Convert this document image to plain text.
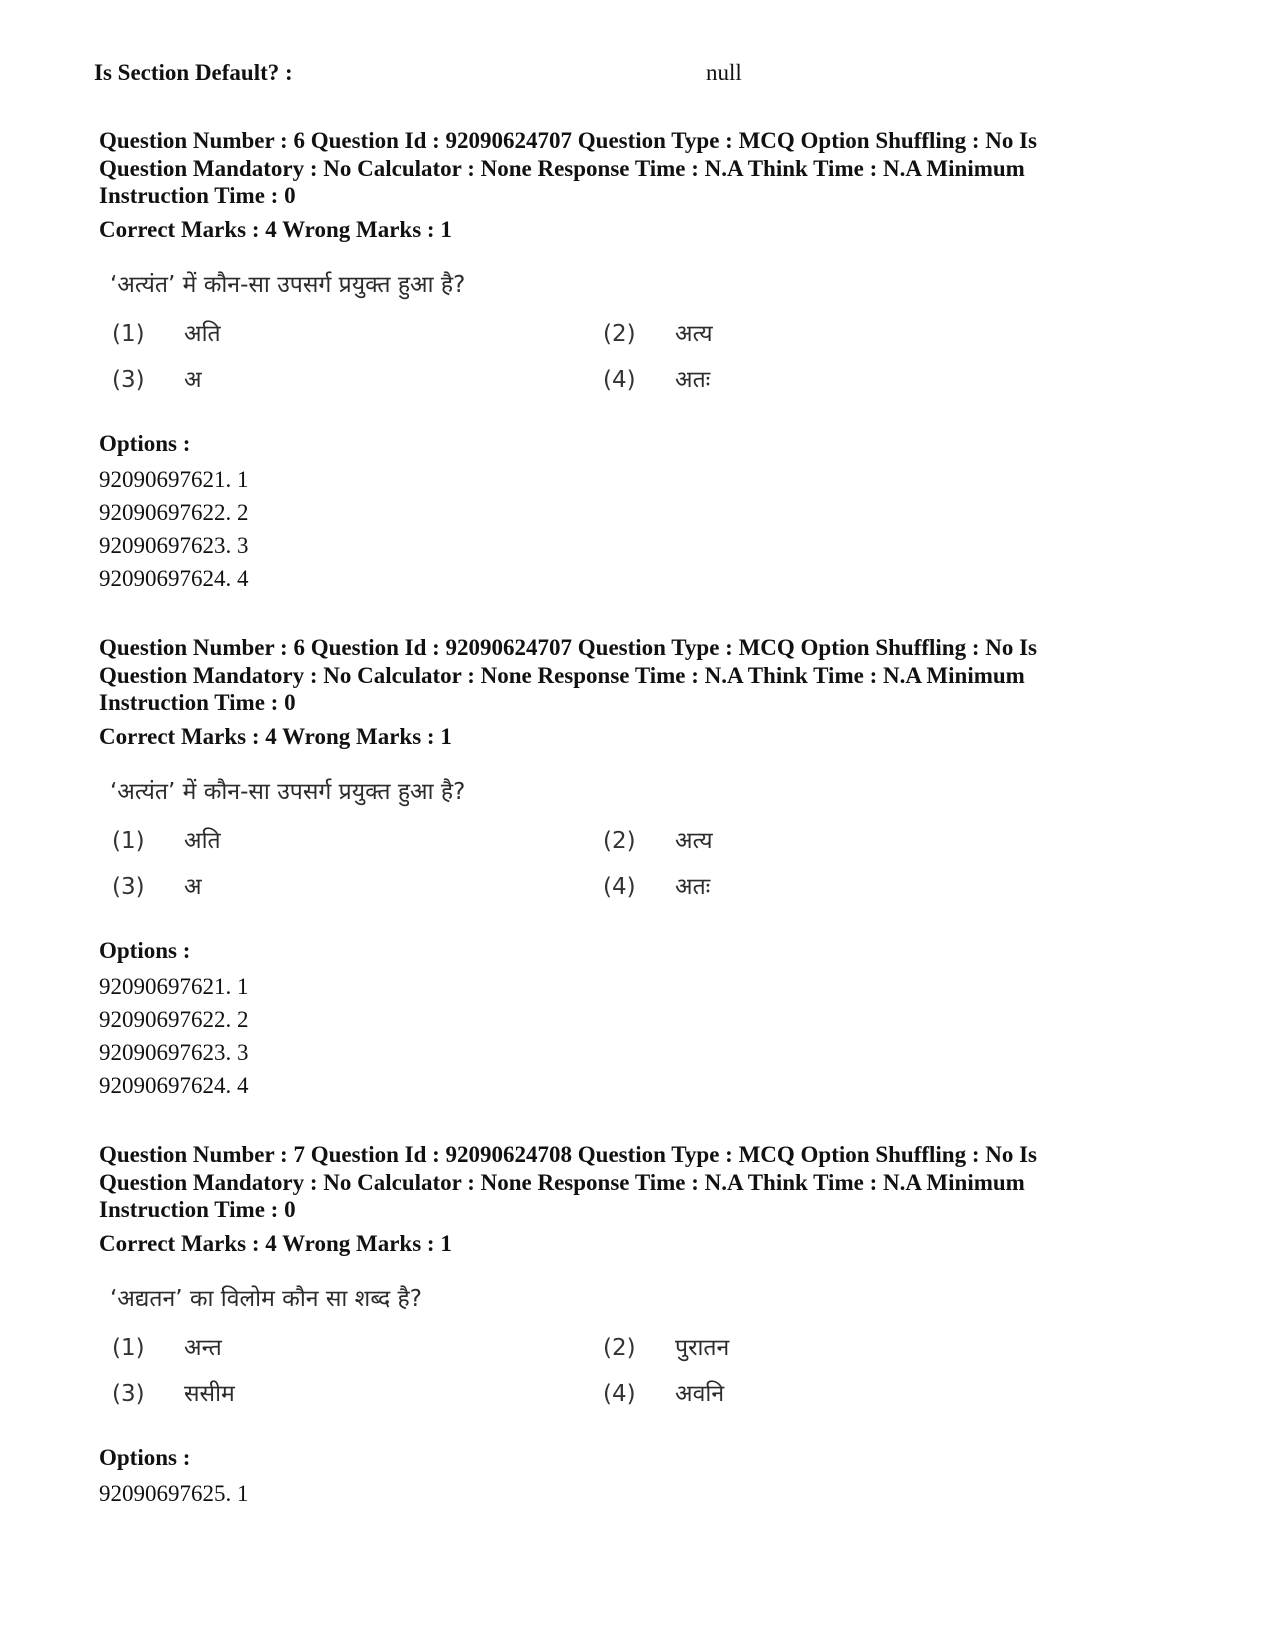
Is Section Default? :	null

Question Number : 6 Question Id : 92090624707 Question Type : MCQ Option Shuffling : No Is Question Mandatory : No Calculator : None Response Time : N.A Think Time : N.A Minimum Instruction Time : 0

Correct Marks : 4 Wrong Marks : 1

‘अत्यंत’ में कौन-सा उपसर्ग प्रयुक्त हुआ है?
(1) अति	(2) अत्य
(3) अ	(4) अतः

Options :

92090697621. 1
92090697622. 2
92090697623. 3
92090697624. 4

Question Number : 6 Question Id : 92090624707 Question Type : MCQ Option Shuffling : No Is Question Mandatory : No Calculator : None Response Time : N.A Think Time : N.A Minimum Instruction Time : 0

Correct Marks : 4 Wrong Marks : 1

‘अत्यंत’ में कौन-सा उपसर्ग प्रयुक्त हुआ है?
(1) अति	(2) अत्य
(3) अ	(4) अतः

Options :

92090697621. 1
92090697622. 2
92090697623. 3
92090697624. 4

Question Number : 7 Question Id : 92090624708 Question Type : MCQ Option Shuffling : No Is Question Mandatory : No Calculator : None Response Time : N.A Think Time : N.A Minimum Instruction Time : 0

Correct Marks : 4 Wrong Marks : 1

‘अद्यतन’ का विलोम कौन सा शब्द है?
(1) अन्त	(2) पुरातन
(3) ससीम	(4) अवनि

Options :

92090697625. 1
